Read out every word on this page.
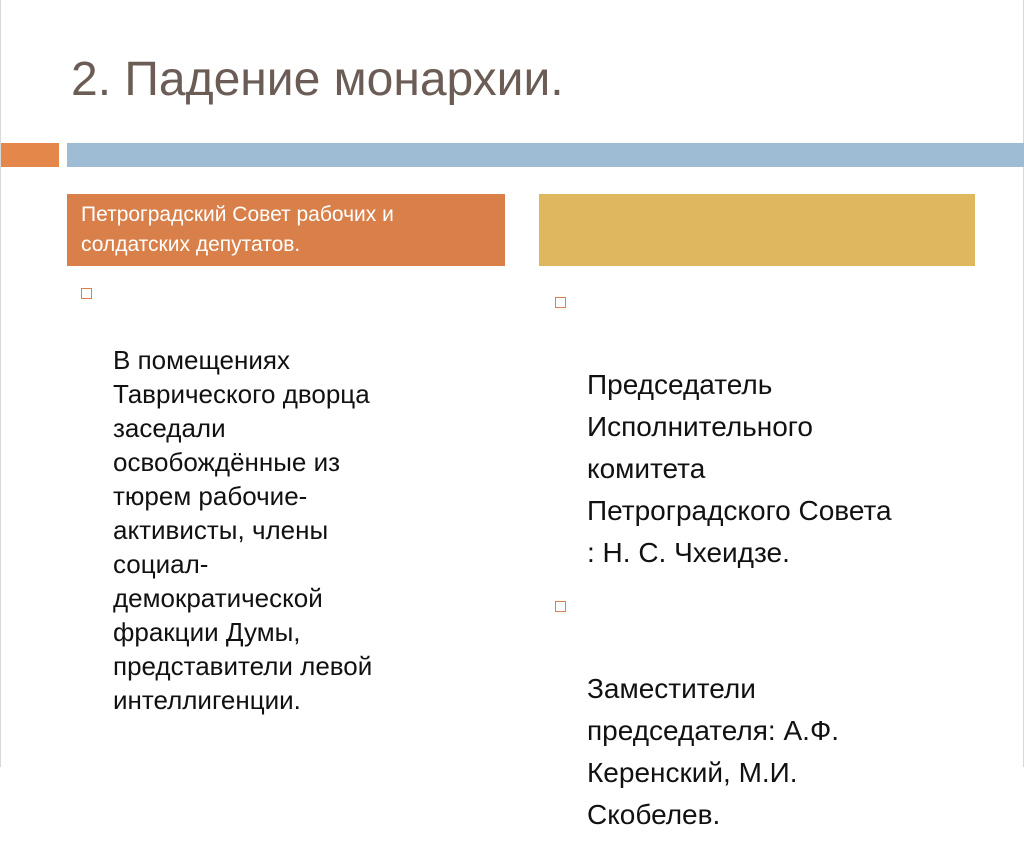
2. Падение монархии.
Петроградский Совет рабочих и
солдатских депутатов.

В помещениях
Таврического дворца
заседали
освобождённые из
тюрем рабочие-
активисты, члены
социал-
демократической
фракции Думы,
представители левой
интеллигенции.

Председатель
Исполнительного
комитета
Петроградского Совета
: Н. С. Чхеидзе.

Заместители
председателя: А.Ф.
Керенский, М.И.
Скобелев.
